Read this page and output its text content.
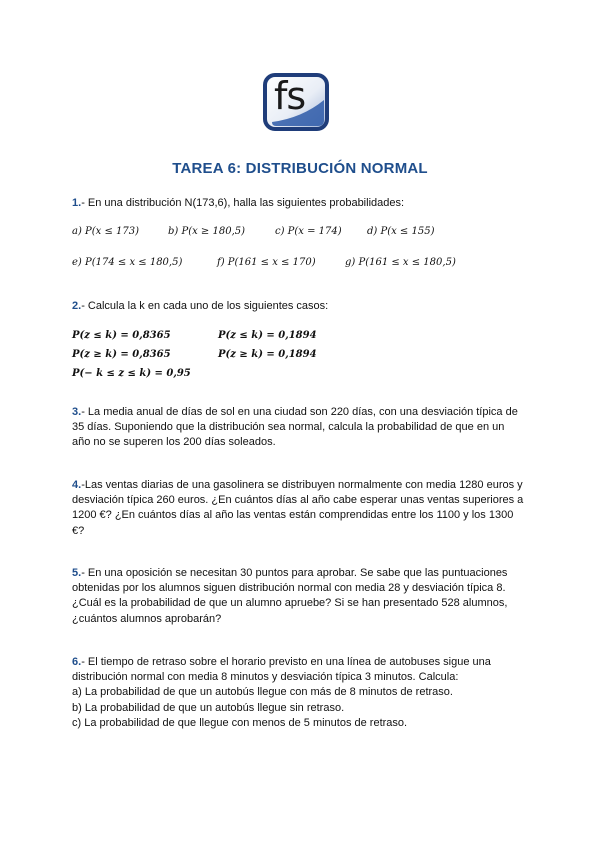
fs
TAREA 6: DISTRIBUCIÓN NORMAL
1.- En una distribución N(173,6), halla las siguientes probabilidades:
a) P(x ≤ 173)	b) P(x ≥ 180,5)	c) P(x = 174)	d) P(x ≤ 155)
e) P(174 ≤ x ≤ 180,5)	f) P(161 ≤ x ≤ 170)	g) P(161 ≤ x ≤ 180,5)
2.- Calcula la k en cada uno de los siguientes casos:
P(z ≤ k) = 0,8365	P(z ≤ k) = 0,1894
P(z ≥ k) = 0,8365	P(z ≥ k) = 0,1894
P(− k ≤ z ≤ k) = 0,95
3.- La media anual de días de sol en una ciudad son 220 días, con una desviación típica de
35 días. Suponiendo que la distribución sea normal, calcula la probabilidad de que en un
año no se superen los 200 días soleados.
4.-Las ventas diarias de una gasolinera se distribuyen normalmente con media 1280 euros y
desviación típica 260 euros. ¿En cuántos días al año cabe esperar unas ventas superiores a
1200 €? ¿En cuántos días al año las ventas están comprendidas entre los 1100 y los 1300
€?
5.- En una oposición se necesitan 30 puntos para aprobar. Se sabe que las puntuaciones
obtenidas por los alumnos siguen distribución normal con media 28 y desviación típica 8.
¿Cuál es la probabilidad de que un alumno apruebe? Si se han presentado 528 alumnos,
¿cuántos alumnos aprobarán?
6.- El tiempo de retraso sobre el horario previsto en una línea de autobuses sigue una
distribución normal con media 8 minutos y desviación típica 3 minutos. Calcula:
a) La probabilidad de que un autobús llegue con más de 8 minutos de retraso.
b) La probabilidad de que un autobús llegue sin retraso.
c) La probabilidad de que llegue con menos de 5 minutos de retraso.
